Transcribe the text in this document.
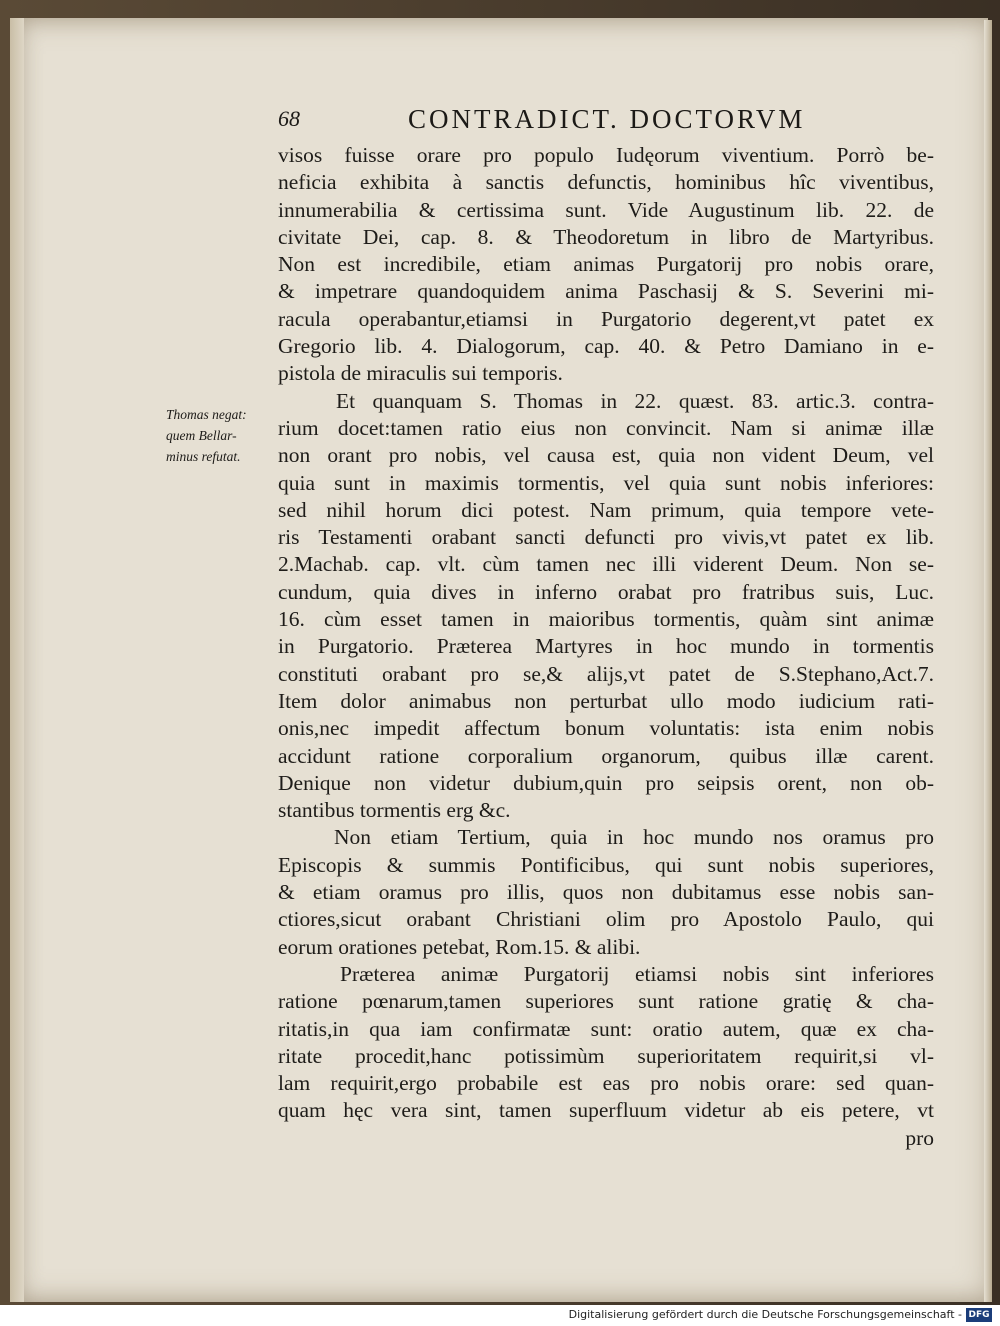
68	CONTRADICT. DOCTORVM
Thomas negat:
quem Bellar-
minus refutat.
visos fuisse orare pro populo Iudęorum viventium. Porrò be-
neficia exhibita à sanctis defunctis, hominibus hîc viventibus,
innumerabilia & certissima sunt. Vide Augustinum lib. 22. de
civitate Dei, cap. 8. & Theodoretum in libro de Martyribus.
Non est incredibile, etiam animas Purgatorij pro nobis orare,
& impetrare quandoquidem anima Paschasij & S. Severini mi-
racula operabantur,etiamsi in Purgatorio degerent,vt patet ex
Gregorio lib. 4. Dialogorum, cap. 40. & Petro Damiano in e-
pistola de miraculis sui temporis.
Et quanquam S. Thomas in 22. quæst. 83. artic.3. contra-
rium docet:tamen ratio eius non convincit. Nam si animæ illæ
non orant pro nobis, vel causa est, quia non vident Deum, vel
quia sunt in maximis tormentis, vel quia sunt nobis inferiores:
sed nihil horum dici potest. Nam primum, quia tempore vete-
ris Testamenti orabant sancti defuncti pro vivis,vt patet ex lib.
2.Machab. cap. vlt. cùm tamen nec illi viderent Deum. Non se-
cundum, quia dives in inferno orabat pro fratribus suis, Luc.
16. cùm esset tamen in maioribus tormentis, quàm sint animæ
in Purgatorio. Præterea Martyres in hoc mundo in tormentis
constituti orabant pro se,& alijs,vt patet de S.Stephano,Act.7.
Item dolor animabus non perturbat ullo modo iudicium rati-
onis,nec impedit affectum bonum voluntatis: ista enim nobis
accidunt ratione corporalium organorum, quibus illæ carent.
Denique non videtur dubium,quin pro seipsis orent, non ob-
stantibus tormentis erg &c.
Non etiam Tertium, quia in hoc mundo nos oramus pro
Episcopis & summis Pontificibus, qui sunt nobis superiores,
& etiam oramus pro illis, quos non dubitamus esse nobis san-
ctiores,sicut orabant Christiani olim pro Apostolo Paulo, qui
eorum orationes petebat, Rom.15. & alibi.
Præterea animæ Purgatorij etiamsi nobis sint inferiores
ratione pœnarum,tamen superiores sunt ratione gratię & cha-
ritatis,in qua iam confirmatæ sunt: oratio autem, quæ ex cha-
ritate procedit,hanc potissimùm superioritatem requirit,si vl-
lam requirit,ergo probabile est eas pro nobis orare: sed quan-
quam hęc vera sint, tamen superfluum videtur ab eis petere, vt
pro
Digitalisierung gefördert durch die Deutsche Forschungsgemeinschaft - DFG
